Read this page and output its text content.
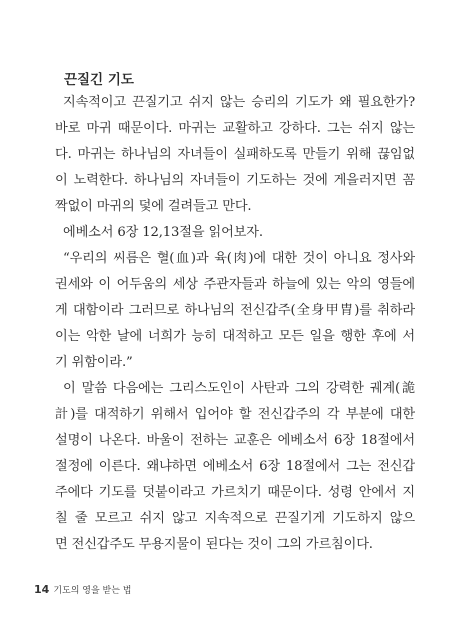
끈질긴 기도
지속적이고 끈질기고 쉬지 않는 승리의 기도가 왜 필요한가?
바로 마귀 때문이다. 마귀는 교활하고 강하다. 그는 쉬지 않는
다. 마귀는 하나님의 자녀들이 실패하도록 만들기 위해 끊임없
이 노력한다. 하나님의 자녀들이 기도하는 것에 게을러지면 꼼
짝없이 마귀의 덫에 걸려들고 만다.
에베소서 6장 12,13절을 읽어보자.
“우리의 씨름은 혈(血)과 육(肉)에 대한 것이 아니요 정사와
권세와 이 어두움의 세상 주관자들과 하늘에 있는 악의 영들에
게 대함이라 그러므로 하나님의 전신갑주(全身甲胄)를 취하라
이는 악한 날에 너희가 능히 대적하고 모든 일을 행한 후에 서
기 위함이라.”
이 말씀 다음에는 그리스도인이 사탄과 그의 강력한 궤계(詭
計)를 대적하기 위해서 입어야 할 전신갑주의 각 부분에 대한
설명이 나온다. 바울이 전하는 교훈은 에베소서 6장 18절에서
절정에 이른다. 왜냐하면 에베소서 6장 18절에서 그는 전신갑
주에다 기도를 덧붙이라고 가르치기 때문이다. 성령 안에서 지
칠 줄 모르고 쉬지 않고 지속적으로 끈질기게 기도하지 않으
면 전신갑주도 무용지물이 된다는 것이 그의 가르침이다.
14 기도의 영을 받는 법
